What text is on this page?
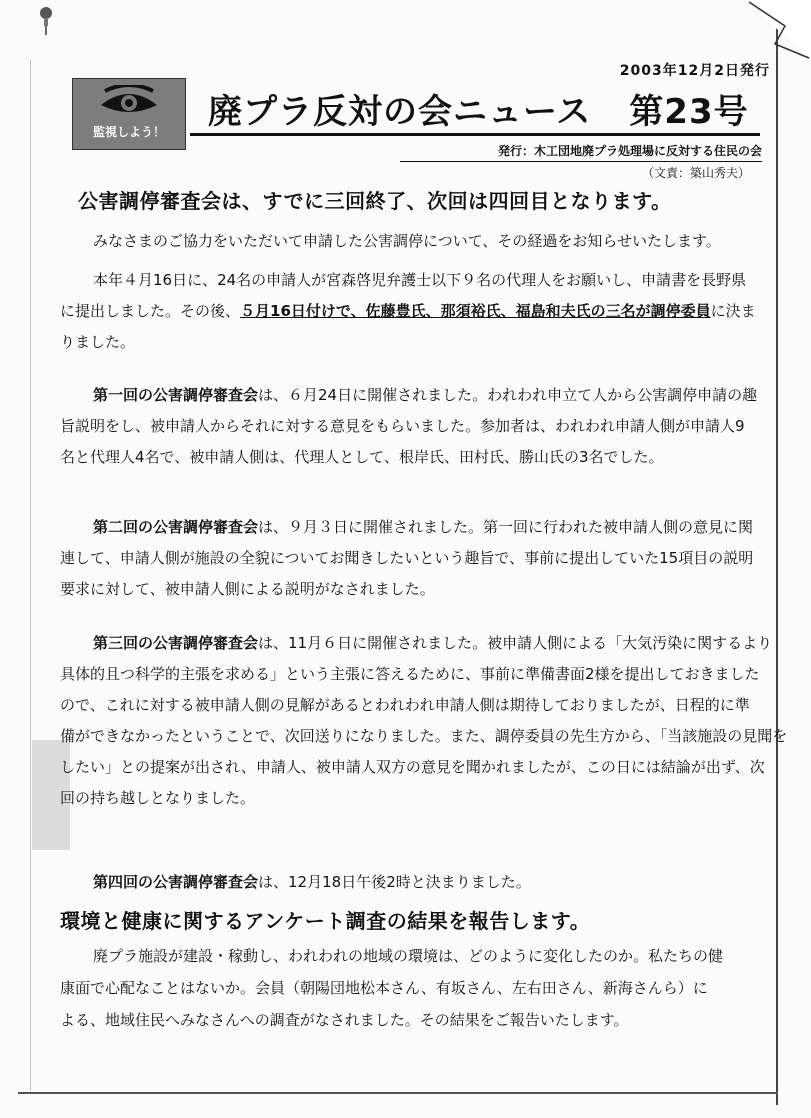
2003年12月2日発行
監視しよう！	廃プラ反対の会ニュース 第23号
発行：木工団地廃プラ処理場に反対する住民の会
（文責：築山秀夫）
公害調停審査会は、すでに三回終了、次回は四回目となります。
みなさまのご協力をいただいて申請した公害調停について、その経過をお知らせいたします。
本年４月16日に、24名の申請人が宮森啓児弁護士以下９名の代理人をお願いし、申請書を長野県
に提出しました。その後、５月16日付けで、佐藤豊氏、那須裕氏、福島和夫氏の三名が調停委員に決ま
りました。
第一回の公害調停審査会は、６月24日に開催されました。われわれ申立て人から公害調停申請の趣
旨説明をし、被申請人からそれに対する意見をもらいました。参加者は、われわれ申請人側が申請人9
名と代理人4名で、被申請人側は、代理人として、根岸氏、田村氏、勝山氏の3名でした。
第二回の公害調停審査会は、９月３日に開催されました。第一回に行われた被申請人側の意見に関
連して、申請人側が施設の全貌についてお聞きしたいという趣旨で、事前に提出していた15項目の説明
要求に対して、被申請人側による説明がなされました。
第三回の公害調停審査会は、11月６日に開催されました。被申請人側による「大気汚染に関するより
具体的且つ科学的主張を求める」という主張に答えるために、事前に準備書面2様を提出しておきました
ので、これに対する被申請人側の見解があるとわれわれ申請人側は期待しておりましたが、日程的に準
備ができなかったということで、次回送りになりました。また、調停委員の先生方から、「当該施設の見聞を
したい」との提案が出され、申請人、被申請人双方の意見を聞かれましたが、この日には結論が出ず、次
回の持ち越しとなりました。
第四回の公害調停審査会は、12月18日午後2時と決まりました。
環境と健康に関するアンケート調査の結果を報告します。
廃プラ施設が建設・稼動し、われわれの地域の環境は、どのように変化したのか。私たちの健
康面で心配なことはないか。会員（朝陽団地松本さん、有坂さん、左右田さん、新海さんら）に
よる、地域住民へみなさんへの調査がなされました。その結果をご報告いたします。
